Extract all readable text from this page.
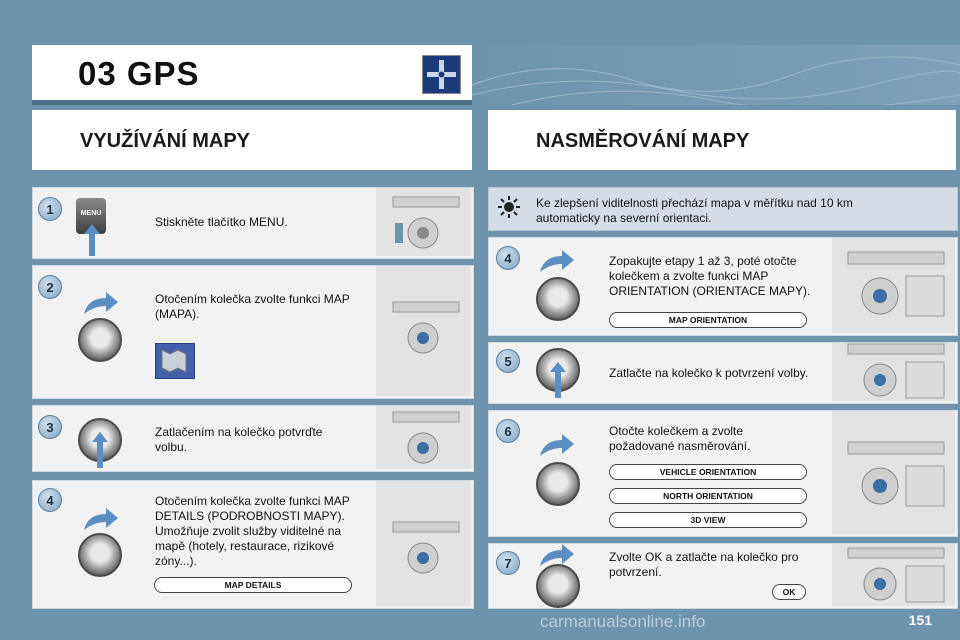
03 GPS
VYUŽÍVÁNÍ MAPY	NASMĚROVÁNÍ MAPY
1	MENU
Stiskněte tlačítko MENU.
2
Otočením kolečka zvolte funkci MAP (MAPA).
3	Zatlačením na kolečko potvrďte volbu.
4	Otočením kolečka zvolte funkci MAP DETAILS (PODROBNOSTI MAPY). Umožňuje zvolit služby viditelné na mapě (hotely, restaurace, rizikové zóny...).
MAP DETAILS
Ke zlepšení viditelnosti přechází mapa v měřítku nad 10 km automaticky na severní orientaci.
4	Zopakujte etapy 1 až 3, poté otočte kolečkem a zvolte funkci MAP ORIENTATION (ORIENTACE MAPY).
MAP ORIENTATION
5
Zatlačte na kolečko k potvrzení volby.
6	Otočte kolečkem a zvolte požadované nasměrování.
VEHICLE ORIENTATION
NORTH ORIENTATION
3D VIEW
7	Zvolte OK a zatlačte na kolečko pro potvrzení.
OK
carmanualsonline.info	151
